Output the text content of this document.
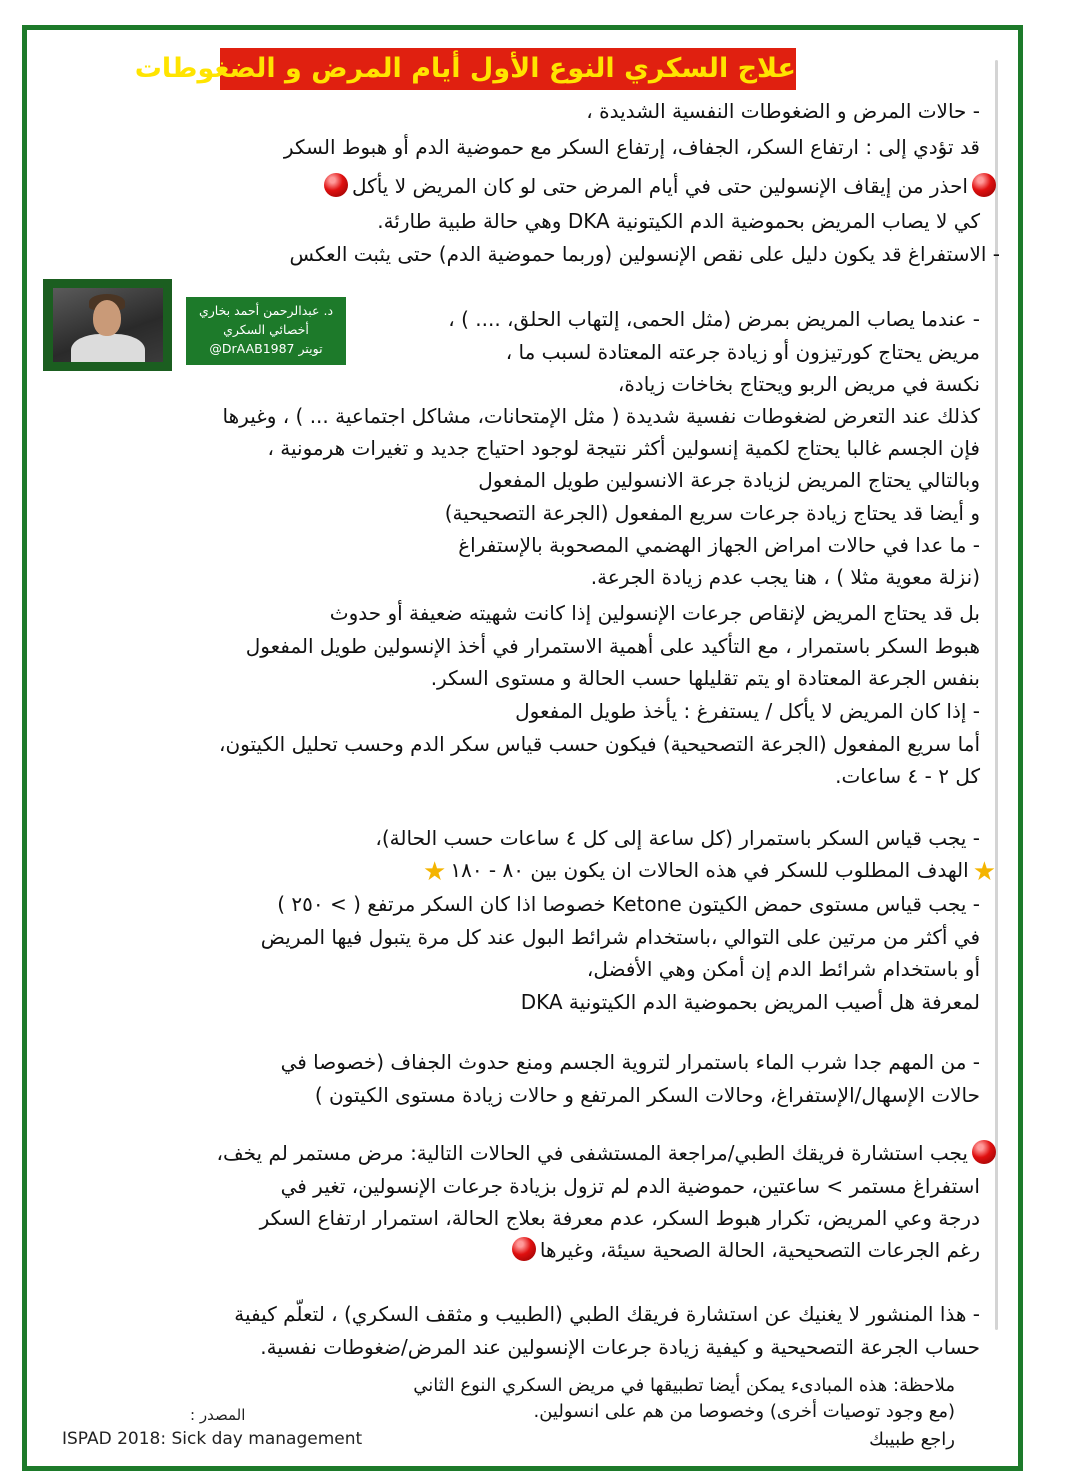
علاج السكري النوع الأول أيام المرض و الضغوطات
د. عبدالرحمن أحمد بخاري
أخصائي السكري
تويتر DrAAB1987@
- حالات المرض و الضغوطات النفسية الشديدة ،
قد تؤدي إلى : ارتفاع السكر، الجفاف، إرتفاع السكر مع حموضية الدم أو هبوط السكر
احذر من إيقاف الإنسولين حتى في أيام المرض حتى لو كان المريض لا يأكل
كي لا يصاب المريض بحموضية الدم الكيتونية DKA وهي حالة طبية طارئة.
- الاستفراغ قد يكون دليل على نقص الإنسولين (وربما حموضية الدم) حتى يثبت العكس
- عندما يصاب المريض بمرض (مثل الحمى، إلتهاب الحلق، .... ) ،
مريض يحتاج كورتيزون أو زيادة جرعته المعتادة لسبب ما ،
نكسة في مريض الربو ويحتاج بخاخات زيادة،
كذلك عند التعرض لضغوطات نفسية شديدة ( مثل الإمتحانات، مشاكل اجتماعية ... ) ، وغيرها
فإن الجسم غالبا يحتاج لكمية إنسولين أكثر نتيجة لوجود احتياج جديد و تغيرات هرمونية ،
وبالتالي يحتاج المريض لزيادة جرعة الانسولين طويل المفعول
و أيضا قد يحتاج زيادة جرعات سريع المفعول (الجرعة التصحيحية)
- ما عدا في حالات امراض الجهاز الهضمي المصحوبة بالإستفراغ
(نزلة معوية مثلا ) ، هنا يجب عدم زيادة الجرعة.
بل قد يحتاج المريض لإنقاص جرعات الإنسولين إذا كانت شهيته ضعيفة أو حدوث
هبوط السكر باستمرار ، مع التأكيد على أهمية الاستمرار في أخذ الإنسولين طويل المفعول
بنفس الجرعة المعتادة او يتم تقليلها حسب الحالة و مستوى السكر.
- إذا كان المريض لا يأكل / يستفرغ : يأخذ طويل المفعول
أما سريع المفعول (الجرعة التصحيحية) فيكون حسب قياس سكر الدم وحسب تحليل الكيتون،
كل ٢ - ٤ ساعات.
- يجب قياس السكر باستمرار (كل ساعة إلى كل ٤ ساعات حسب الحالة)،
★الهدف المطلوب للسكر في هذه الحالات ان يكون بين ٨٠ - ١٨٠★
- يجب قياس مستوى حمض الكيتون Ketone خصوصا اذا كان السكر مرتفع ( > ٢٥٠ )
في أكثر من مرتين على التوالي ،باستخدام شرائط البول عند كل مرة يتبول فيها المريض
أو باستخدام شرائط الدم إن أمكن وهي الأفضل،
لمعرفة هل أصيب المريض بحموضية الدم الكيتونية DKA
- من المهم جدا شرب الماء باستمرار لتروية الجسم ومنع حدوث الجفاف (خصوصا في
حالات الإسهال/الإستفراغ، وحالات السكر المرتفع و حالات زيادة مستوى الكيتون )
يجب استشارة فريقك الطبي/مراجعة المستشفى في الحالات التالية: مرض مستمر لم يخف،
استفراغ مستمر > ساعتين، حموضية الدم لم تزول بزيادة جرعات الإنسولين، تغير في
درجة وعي المريض، تكرار هبوط السكر، عدم معرفة بعلاج الحالة، استمرار ارتفاع السكر
رغم الجرعات التصحيحية، الحالة الصحية سيئة، وغيرها
- هذا المنشور لا يغنيك عن استشارة فريقك الطبي (الطبيب و مثقف السكري) ، لتعلّم كيفية
حساب الجرعة التصحيحية و كيفية زيادة جرعات الإنسولين عند المرض/ضغوطات نفسية.
ملاحظة: هذه المبادىء يمكن أيضا تطبيقها في مريض السكري النوع الثاني
(مع وجود توصيات أخرى) وخصوصا من هم على انسولين.
راجع طبيبك
المصدر :
ISPAD 2018: Sick day management
